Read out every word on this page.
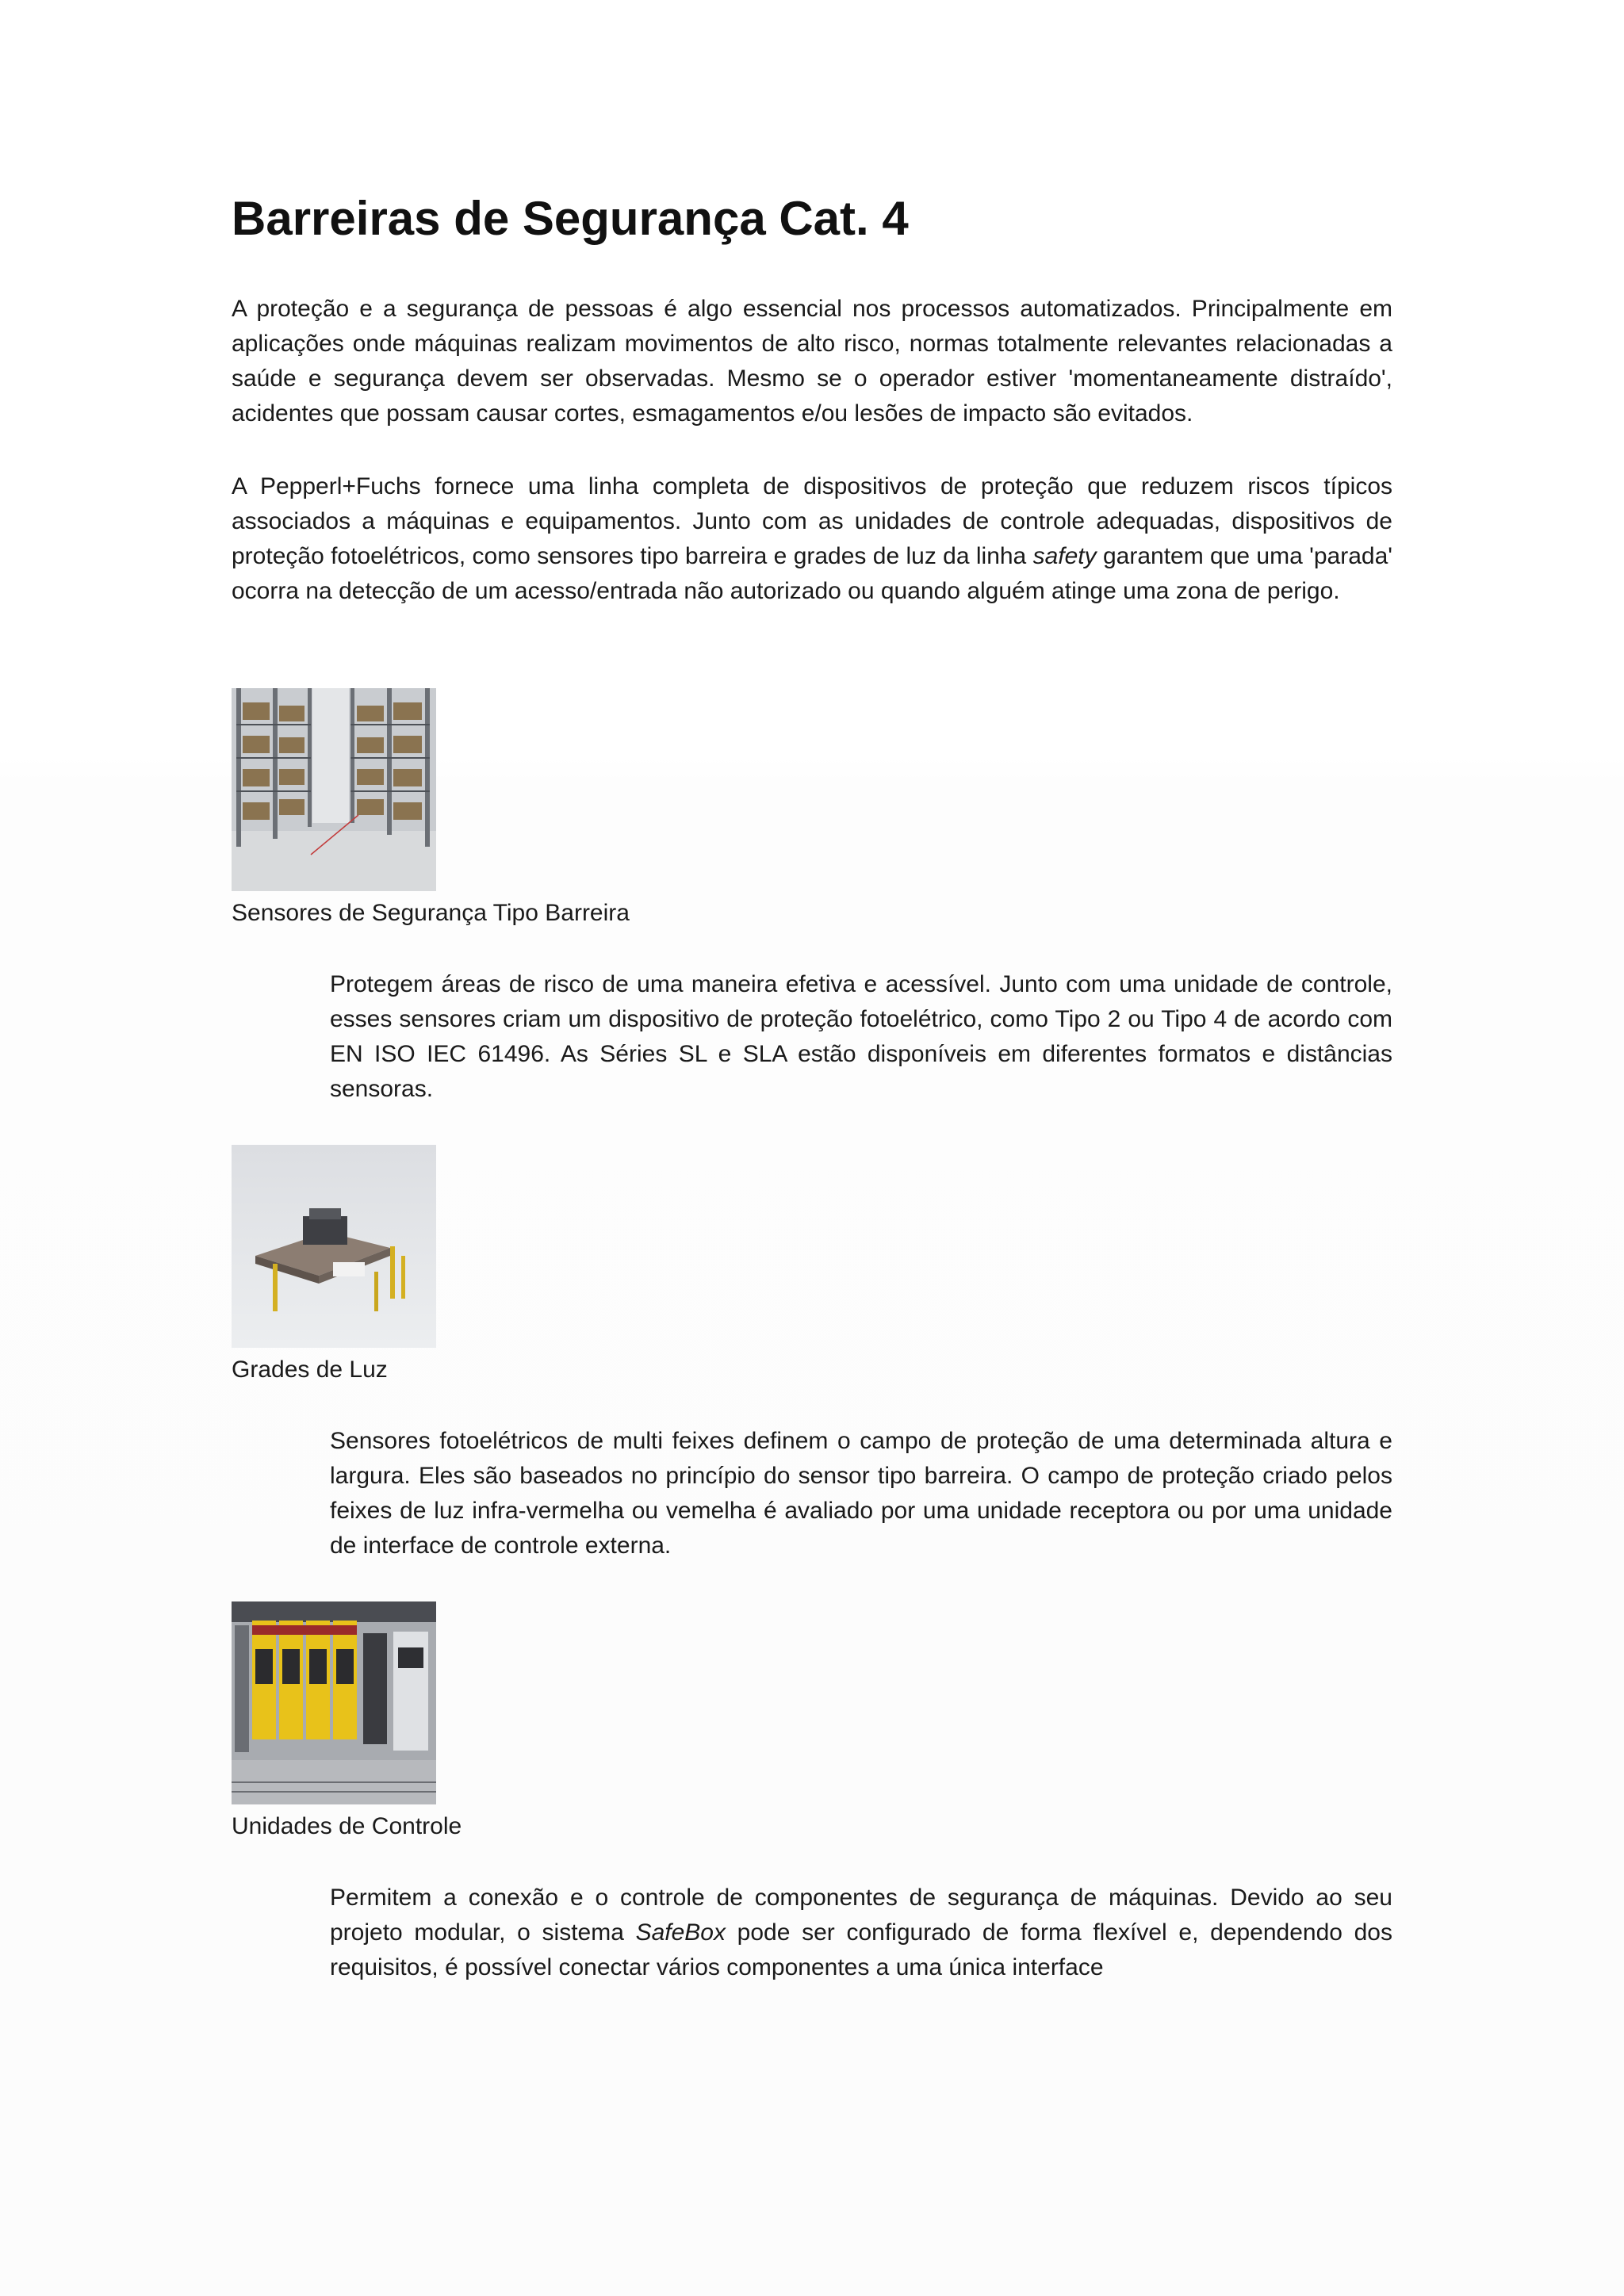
Barreiras de Segurança Cat. 4

A proteção e a segurança de pessoas é algo essencial nos processos automatizados. Principalmente em aplicações onde máquinas realizam movimentos de alto risco, normas totalmente relevantes relacionadas a saúde e segurança devem ser observadas. Mesmo se o operador estiver 'momentaneamente distraído', acidentes que possam causar cortes, esmagamentos e/ou lesões de impacto são evitados.

A Pepperl+Fuchs fornece uma linha completa de dispositivos de proteção que reduzem riscos típicos associados a máquinas e equipamentos. Junto com as unidades de controle adequadas, dispositivos de proteção fotoelétricos, como sensores tipo barreira e grades de luz da linha safety garantem que uma 'parada' ocorra na detecção de um acesso/entrada não autorizado ou quando alguém atinge uma zona de perigo.

Sensores de Segurança Tipo Barreira

Protegem áreas de risco de uma maneira efetiva e acessível. Junto com uma unidade de controle, esses sensores criam um dispositivo de proteção fotoelétrico, como Tipo 2 ou Tipo 4 de acordo com EN ISO IEC 61496. As Séries SL e SLA estão disponíveis em diferentes formatos e distâncias sensoras.

Grades de Luz

Sensores fotoelétricos de multi feixes definem o campo de proteção de uma determinada altura e largura. Eles são baseados no princípio do sensor tipo barreira. O campo de proteção criado pelos feixes de luz infra-vermelha ou vemelha é avaliado por uma unidade receptora ou por uma unidade de interface de controle externa.

Unidades de Controle

Permitem a conexão e o controle de componentes de segurança de máquinas. Devido ao seu projeto modular, o sistema SafeBox pode ser configurado de forma flexível e, dependendo dos requisitos, é possível conectar vários componentes a uma única interface
